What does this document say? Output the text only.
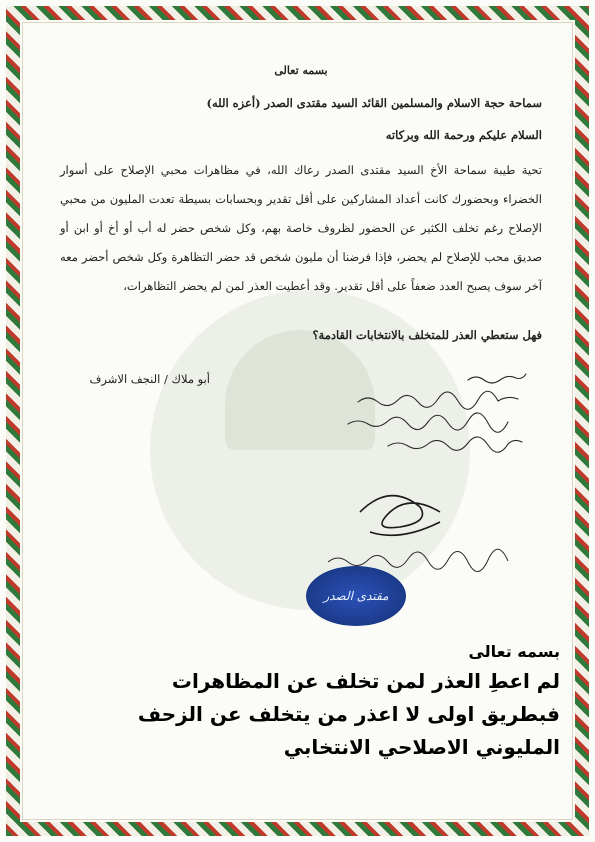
بسمه تعالى
سماحة حجة الاسلام والمسلمين القائد السيد مقتدى الصدر (أعزه الله)
السلام عليكم ورحمة الله وبركاته
تحية طيبة سماحة الأخ السيد مقتدى الصدر رعاك الله، في مظاهرات محبي الإصلاح على أسوار الخضراء وبحضورك كانت أعداد المشاركين على أقل تقدير وبحسابات بسيطة تعدت المليون من محبي الإصلاح رغم تخلف الكثير عن الحضور لظروف خاصة بهم، وكل شخص حضر له أب أو أخ أو ابن أو صديق محب للإصلاح لم يحضر، فإذا فرضنا أن مليون شخص قد حضر التظاهرة وكل شخص أحضر معه آخر سوف يصبح العدد ضعفاً على أقل تقدير. وقد أعطيت العذر لمن لم يحضر التظاهرات،
فهل ستعطي العذر للمتخلف بالانتخابات القادمة؟
أبو ملاك / النجف الاشرف
مقتدى الصدر
بسمه تعالى
لم اعطِ العذر لمن تخلف عن المظاهرات
فبطريق اولى لا اعذر من يتخلف عن الزحف
المليوني الاصلاحي الانتخابي
